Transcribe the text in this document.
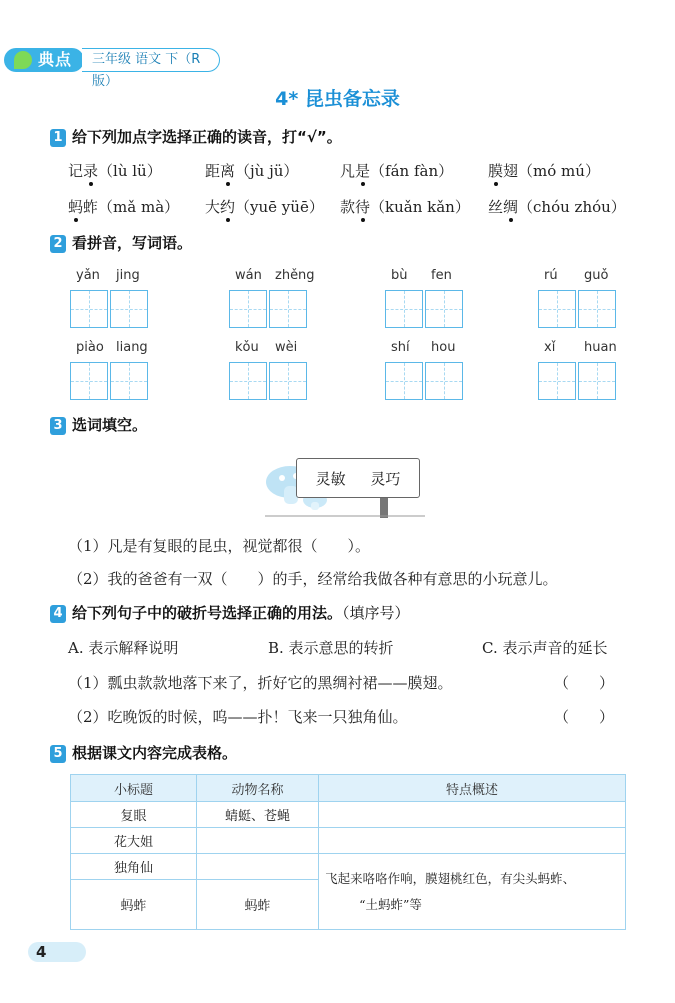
典点	三年级 语文 下（R版）
4* 昆虫备忘录
1 给下列加点字选择正确的读音，打“√”。
记录（lù lü）	距离（jù jü）	凡是（fán fàn） 膜翅（mó mú）
蚂蚱（mǎ mà） 大约（yuē yüē） 款待（kuǎn kǎn） 丝绸（chóu zhóu）
2 看拼音，写词语。
yǎn jing	wán zhěng	bù fen	rú guǒ
piào liang	kǒu wèi	shí hou	xǐ huan
3 选词填空。
灵敏 灵巧
（1）凡是有复眼的昆虫，视觉都很（　　）。
（2）我的爸爸有一双（　　）的手，经常给我做各种有意思的小玩意儿。
4 给下列句子中的破折号选择正确的用法。（填序号）
A. 表示解释说明	B. 表示意思的转折	C. 表示声音的延长
（1）瓢虫款款地落下来了，折好它的黑绸衬裙——膜翅。	（　　）
（2）吃晚饭的时候，呜——扑！飞来一只独角仙。	（　　）
5 根据课文内容完成表格。
小标题	动物名称	特点概述
复眼	蜻蜓、苍蝇	
花大姐		
独角仙		飞起来咯咯作响，膜翅桃红色，有尖头蚂蚱、
“土蚂蚱”等

蚂蚱	蚂蚱	
4
